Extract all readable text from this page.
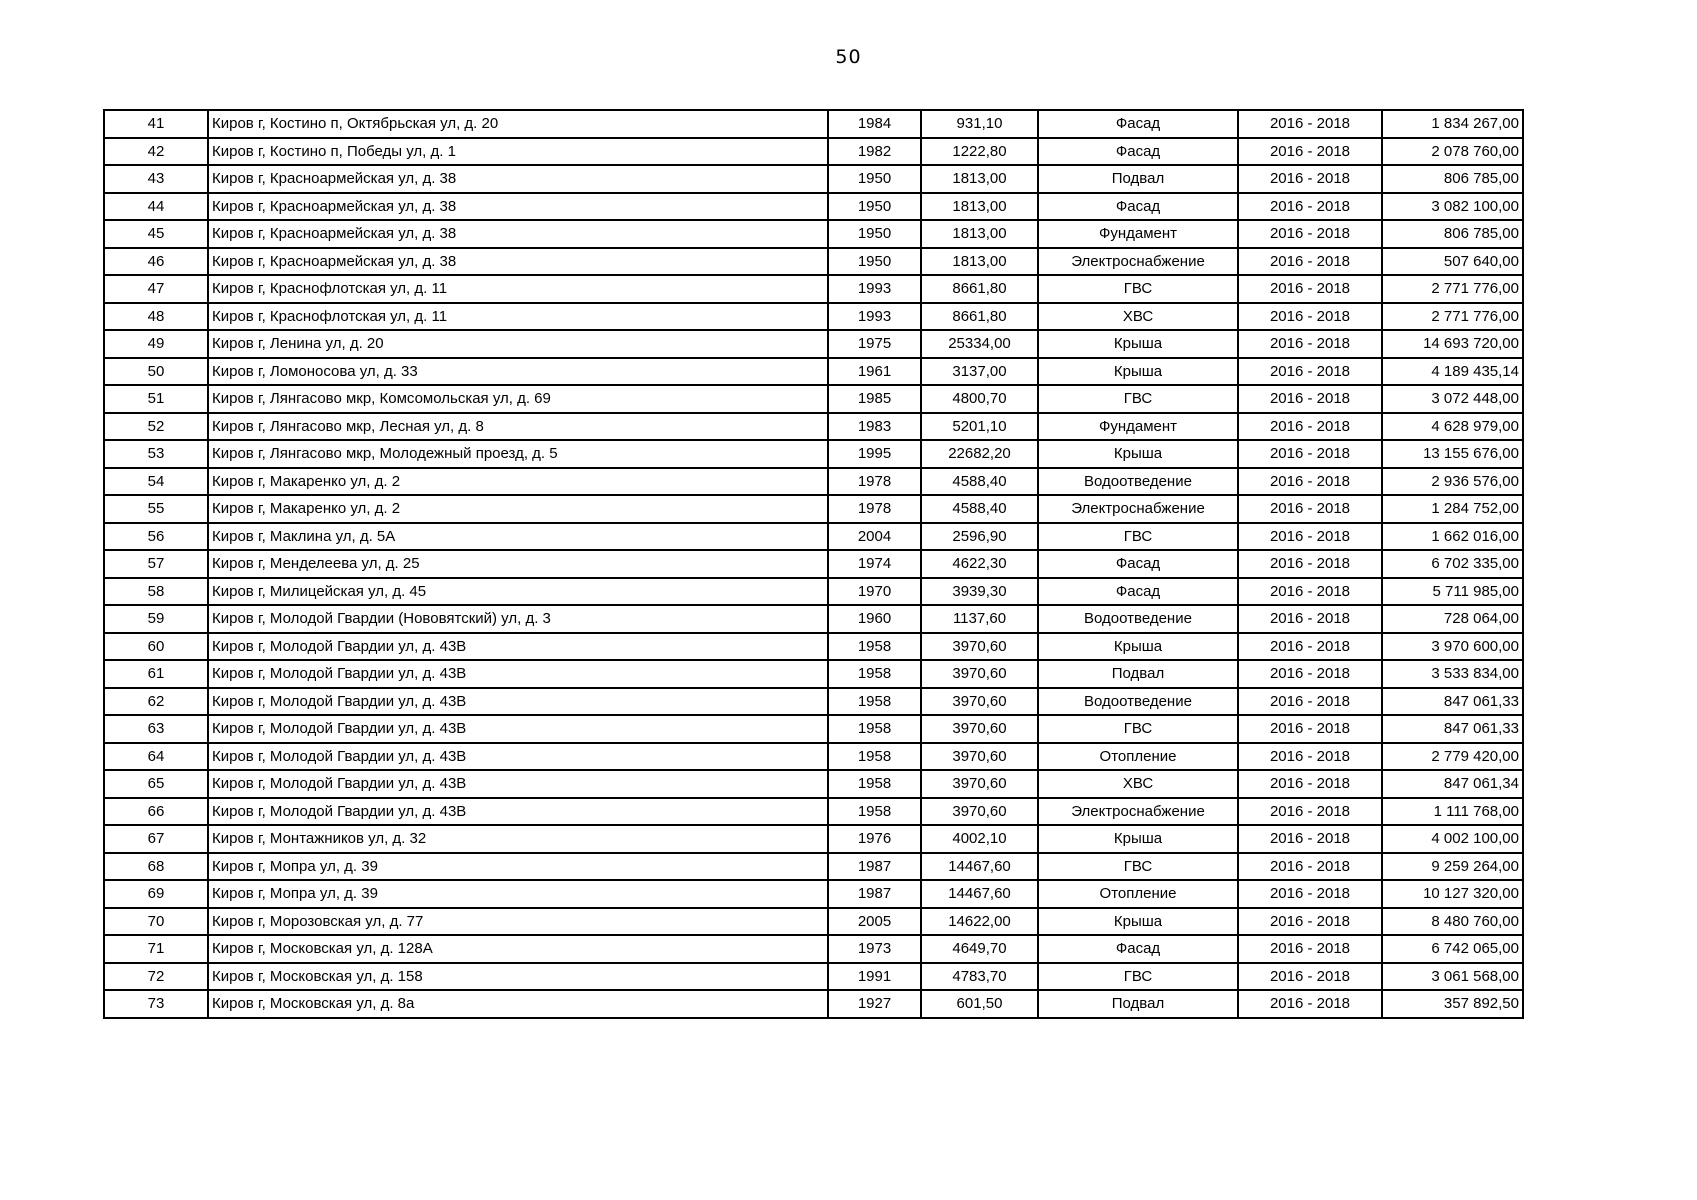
50
41	Киров г, Костино п, Октябрьская ул, д. 20	1984	931,10	Фасад	2016 - 2018	1 834 267,00
42	Киров г, Костино п, Победы ул, д. 1	1982	1222,80	Фасад	2016 - 2018	2 078 760,00
43	Киров г, Красноармейская ул, д. 38	1950	1813,00	Подвал	2016 - 2018	806 785,00
44	Киров г, Красноармейская ул, д. 38	1950	1813,00	Фасад	2016 - 2018	3 082 100,00
45	Киров г, Красноармейская ул, д. 38	1950	1813,00	Фундамент	2016 - 2018	806 785,00
46	Киров г, Красноармейская ул, д. 38	1950	1813,00	Электроснабжение	2016 - 2018	507 640,00
47	Киров г, Краснофлотская ул, д. 11	1993	8661,80	ГВС	2016 - 2018	2 771 776,00
48	Киров г, Краснофлотская ул, д. 11	1993	8661,80	ХВС	2016 - 2018	2 771 776,00
49	Киров г, Ленина ул, д. 20	1975	25334,00	Крыша	2016 - 2018	14 693 720,00
50	Киров г, Ломоносова ул, д. 33	1961	3137,00	Крыша	2016 - 2018	4 189 435,14
51	Киров г, Лянгасово мкр, Комсомольская ул, д. 69	1985	4800,70	ГВС	2016 - 2018	3 072 448,00
52	Киров г, Лянгасово мкр, Лесная ул, д. 8	1983	5201,10	Фундамент	2016 - 2018	4 628 979,00
53	Киров г, Лянгасово мкр, Молодежный проезд, д. 5	1995	22682,20	Крыша	2016 - 2018	13 155 676,00
54	Киров г, Макаренко ул, д. 2	1978	4588,40	Водоотведение	2016 - 2018	2 936 576,00
55	Киров г, Макаренко ул, д. 2	1978	4588,40	Электроснабжение	2016 - 2018	1 284 752,00
56	Киров г, Маклина ул, д. 5А	2004	2596,90	ГВС	2016 - 2018	1 662 016,00
57	Киров г, Менделеева ул, д. 25	1974	4622,30	Фасад	2016 - 2018	6 702 335,00
58	Киров г, Милицейская ул, д. 45	1970	3939,30	Фасад	2016 - 2018	5 711 985,00
59	Киров г, Молодой Гвардии (Нововятский) ул, д. 3	1960	1137,60	Водоотведение	2016 - 2018	728 064,00
60	Киров г, Молодой Гвардии ул, д. 43В	1958	3970,60	Крыша	2016 - 2018	3 970 600,00
61	Киров г, Молодой Гвардии ул, д. 43В	1958	3970,60	Подвал	2016 - 2018	3 533 834,00
62	Киров г, Молодой Гвардии ул, д. 43В	1958	3970,60	Водоотведение	2016 - 2018	847 061,33
63	Киров г, Молодой Гвардии ул, д. 43В	1958	3970,60	ГВС	2016 - 2018	847 061,33
64	Киров г, Молодой Гвардии ул, д. 43В	1958	3970,60	Отопление	2016 - 2018	2 779 420,00
65	Киров г, Молодой Гвардии ул, д. 43В	1958	3970,60	ХВС	2016 - 2018	847 061,34
66	Киров г, Молодой Гвардии ул, д. 43В	1958	3970,60	Электроснабжение	2016 - 2018	1 111 768,00
67	Киров г, Монтажников ул, д. 32	1976	4002,10	Крыша	2016 - 2018	4 002 100,00
68	Киров г, Мопра ул, д. 39	1987	14467,60	ГВС	2016 - 2018	9 259 264,00
69	Киров г, Мопра ул, д. 39	1987	14467,60	Отопление	2016 - 2018	10 127 320,00
70	Киров г, Морозовская ул, д. 77	2005	14622,00	Крыша	2016 - 2018	8 480 760,00
71	Киров г, Московская ул, д. 128А	1973	4649,70	Фасад	2016 - 2018	6 742 065,00
72	Киров г, Московская ул, д. 158	1991	4783,70	ГВС	2016 - 2018	3 061 568,00
73	Киров г, Московская ул, д. 8а	1927	601,50	Подвал	2016 - 2018	357 892,50
